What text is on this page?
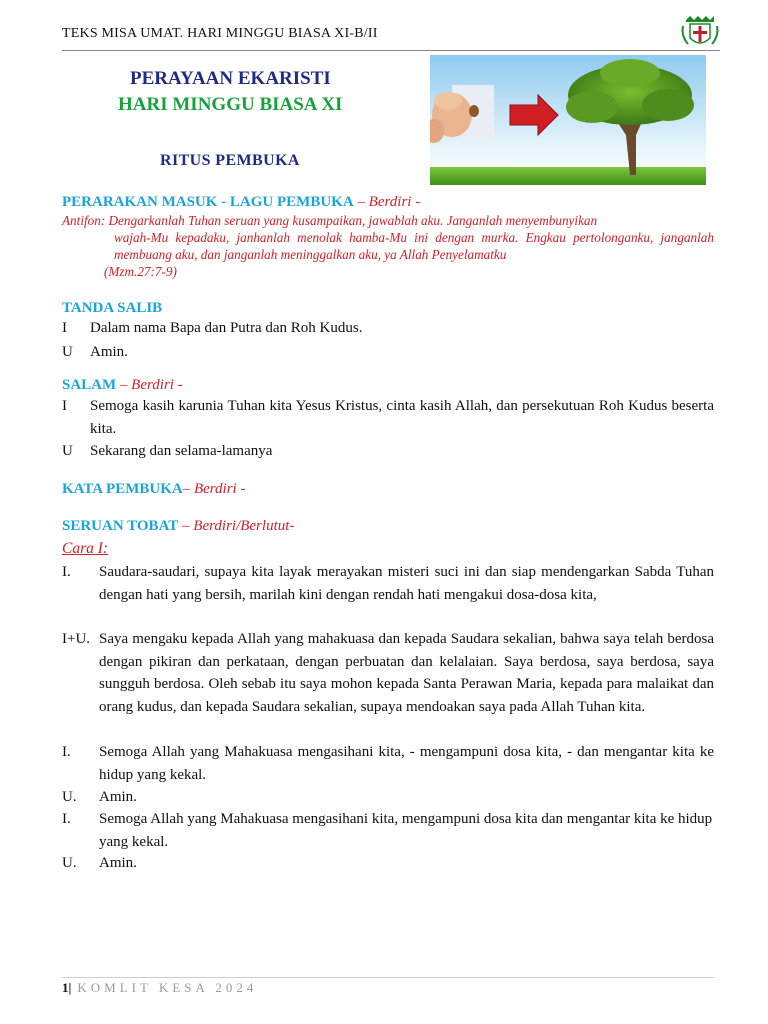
TEKS MISA UMAT. HARI MINGGU BIASA XI-B/II
PERAYAAN EKARISTI
HARI MINGGU BIASA XI
RITUS PEMBUKA
PERARAKAN MASUK - LAGU PEMBUKA – Berdiri -
Antifon: Dengarkanlah Tuhan seruan yang kusampaikan, jawablah aku. Janganlah menyembunyikan
wajah-Mu kepadaku, janhanlah menolak hamba-Mu ini dengan murka. Engkau pertolonganku, janganlah membuang aku, dan janganlah meninggalkan aku, ya Allah Penyelamatku
(Mzm.27:7-9)
TANDA SALIB
I	Dalam nama Bapa dan Putra dan Roh Kudus.
U	Amin.
SALAM – Berdiri -
I	Semoga kasih karunia Tuhan kita Yesus Kristus, cinta kasih Allah, dan persekutuan Roh Kudus beserta kita.
U	Sekarang dan selama-lamanya
KATA PEMBUKA– Berdiri -
SERUAN TOBAT – Berdiri/Berlutut-
Cara I:
I.	Saudara-saudari, supaya kita layak merayakan misteri suci ini dan siap mendengarkan Sabda Tuhan dengan hati yang bersih, marilah kini dengan rendah hati mengakui dosa-dosa kita,
I+U. Saya mengaku kepada Allah yang mahakuasa dan kepada Saudara sekalian, bahwa saya telah berdosa dengan pikiran dan perkataan, dengan perbuatan dan kelalaian. Saya berdosa, saya berdosa, saya sungguh berdosa. Oleh sebab itu saya mohon kepada Santa Perawan Maria, kepada para malaikat dan orang kudus, dan kepada Saudara sekalian, supaya mendoakan saya pada Allah Tuhan kita.
I.	Semoga Allah yang Mahakuasa mengasihani kita, - mengampuni dosa kita, - dan mengantar kita ke hidup yang kekal.
U.	Amin.
I.	Semoga Allah yang Mahakuasa mengasihani kita, mengampuni dosa kita dan mengantar kita ke hidup yang kekal.
U.	Amin.
1| KOMLIT KESA 2024
